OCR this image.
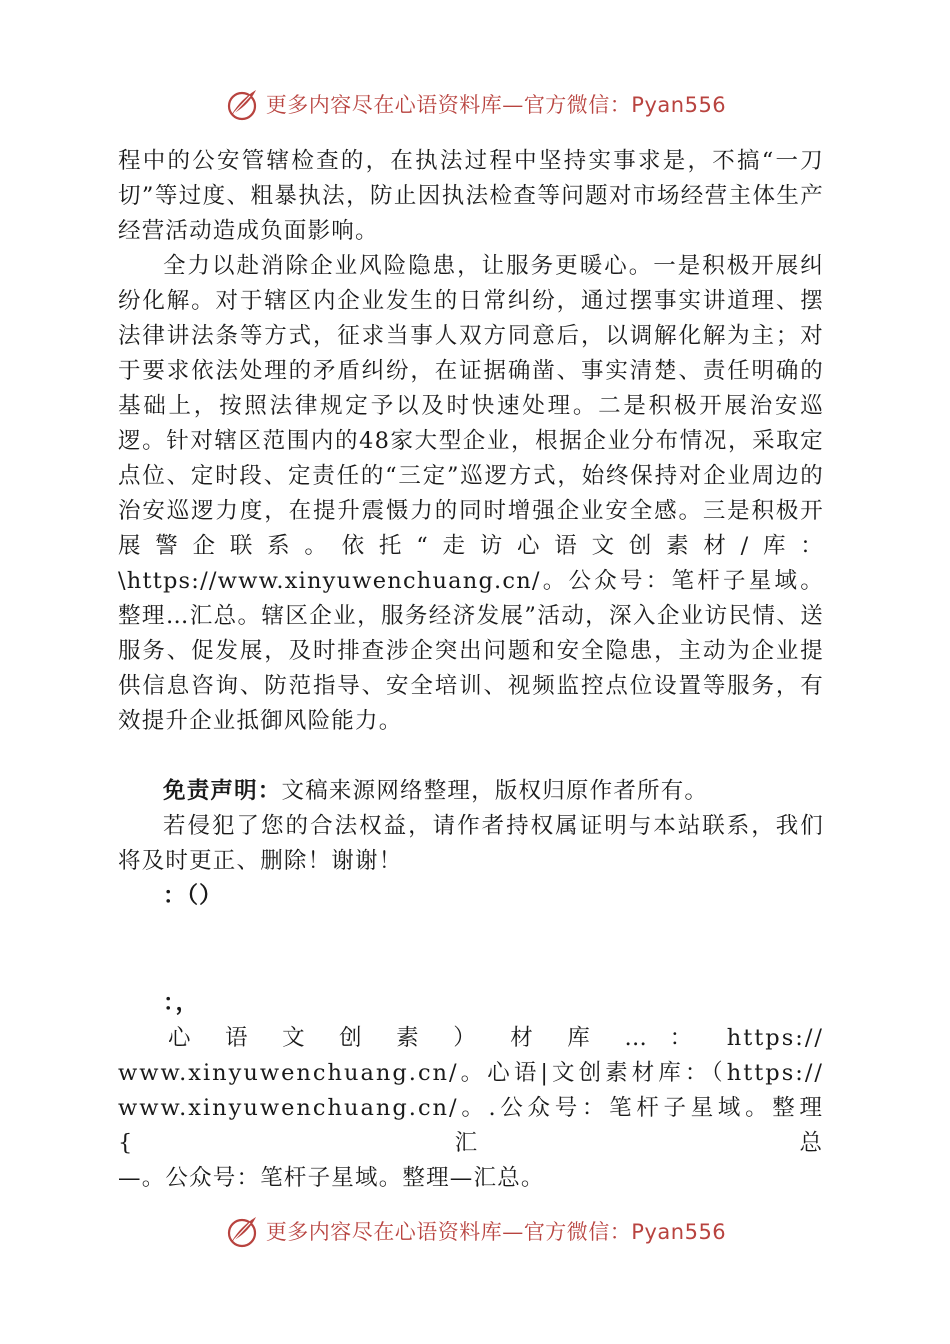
更多内容尽在心语资料库—官方微信：Pyan556

程中的公安管辖检查的，在执法过程中坚持实事求是，不搞“一刀切”等过度、粗暴执法，防止因执法检查等问题对市场经营主体生产经营活动造成负面影响。

全力以赴消除企业风险隐患，让服务更暖心。一是积极开展纠纷化解。对于辖区内企业发生的日常纠纷，通过摆事实讲道理、摆法律讲法条等方式，征求当事人双方同意后，以调解化解为主；对于要求依法处理的矛盾纠纷，在证据确凿、事实清楚、责任明确的基础上，按照法律规定予以及时快速处理。二是积极开展治安巡逻。针对辖区范围内的48家大型企业，根据企业分布情况，采取定点位、定时段、定责任的“三定”巡逻方式，始终保持对企业周边的治安巡逻力度，在提升震慑力的同时增强企业安全感。三是积极开展警企联系。依托“走访心语文创素材/库：\https://www.xinyuwenchuang.cn/。公众号：笔杆子星域。整理…汇总。辖区企业，服务经济发展”活动，深入企业访民情、送服务、促发展，及时排查涉企突出问题和安全隐患，主动为企业提供信息咨询、防范指导、安全培训、视频监控点位设置等服务，有效提升企业抵御风险能力。

免责声明：文稿来源网络整理，版权归原作者所有。

若侵犯了您的合法权益，请作者持权属证明与本站联系，我们将及时更正、删除！谢谢！

：（）

：，

心 语 文 创 素 ） 材 库 … ： https://

www.xinyuwenchuang.cn/。心语|文创素材库：（https://

www.xinyuwenchuang.cn/。.公众号：笔杆子星域。整理{汇总

—。公众号：笔杆子星域。整理—汇总。

更多内容尽在心语资料库—官方微信：Pyan556
